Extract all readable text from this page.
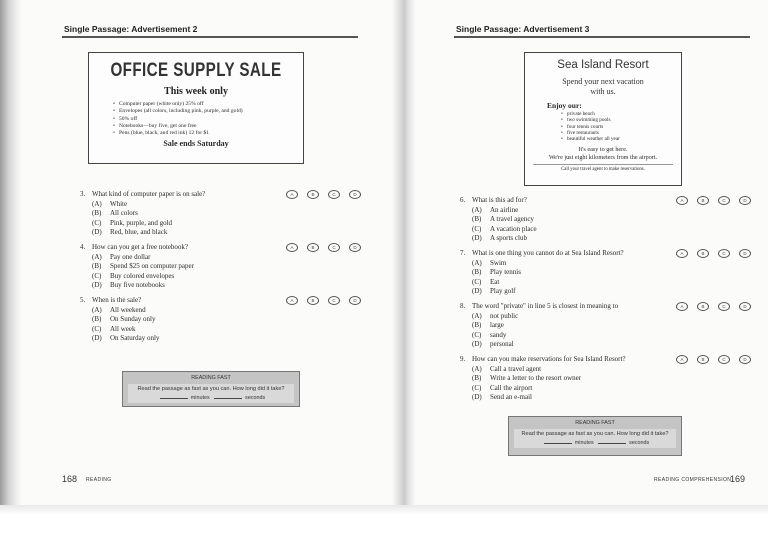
Single Passage: Advertisement 2
OFFICE SUPPLY SALE
This week only
• Computer paper (white only) 25% off
• Envelopes (all colors, including pink, purple, and gold)
• 50% off
• Notebooks—buy five, get one free
• Pens (blue, black, and red ink) 12 for $1
Sale ends Saturday
3. What kind of computer paper is on sale?
(A) White
(B) All colors
(C) Pink, purple, and gold
(D) Red, blue, and black
A	B	C	D
4. How can you get a free notebook?
(A) Pay one dollar
(B) Spend $25 on computer paper
(C) Buy colored envelopes
(D) Buy five notebooks
A	B	C	D
5. When is the sale?
(A) All weekend
(B) On Sunday only
(C) All week
(D) On Saturday only
A	B	C	D
READING FAST
Read the passage as fast as you can. How long did it take?
minutes	seconds
168 READING
Single Passage: Advertisement 3
Sea Island Resort
Spend your next vacation with us.
Enjoy our:
• private beach
• two swimming pools
• four tennis courts
• five restaurants
• beautiful weather all year
It's easy to get here.
We're just eight kilometers from the airport.
Call your travel agent to make reservations.
6. What is this ad for?
(A) An airline
(B) A travel agency
(C) A vacation place
(D) A sports club
A	B	C	D
7. What is one thing you cannot do at Sea Island Resort?
(A) Swim
(B) Play tennis
(C) Eat
(D) Play golf
A	B	C	D
8. The word "private" in line 5 is closest in meaning to
(A) not public
(B) large
(C) sandy
(D) personal
A	B	C	D
9. How can you make reservations for Sea Island Resort?
(A) Call a travel agent
(B) Write a letter to the resort owner
(C) Call the airport
(D) Send an e-mail
A	B	C	D
READING FAST
Read the passage as fast as you can. How long did it take?
minutes	seconds
READING COMPREHENSION
169
